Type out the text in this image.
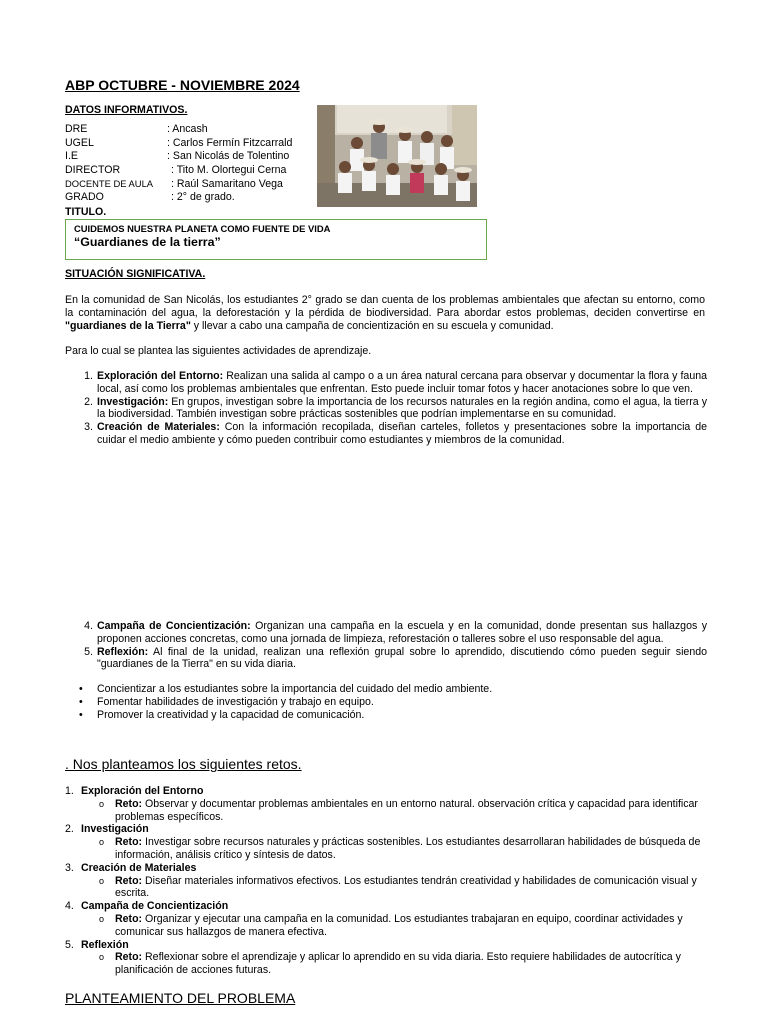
ABP OCTUBRE - NOVIEMBRE 2024
DATOS INFORMATIVOS.
DRE	: Ancash
UGEL	: Carlos Fermín Fitzcarrald
I.E	: San Nicolás de Tolentino
DIRECTOR	: Tito M. Olortegui Cerna
DOCENTE DE AULA : Raúl Samaritano Vega
GRADO	: 2° de grado.
TITULO.
CUIDEMOS NUESTRA PLANETA COMO FUENTE DE VIDA
“Guardianes de la tierra”
SITUACIÓN SIGNIFICATIVA.
En la comunidad de San Nicolás, los estudiantes 2° grado se dan cuenta de los problemas ambientales que afectan su entorno, como la contaminación del agua, la deforestación y la pérdida de biodiversidad. Para abordar estos problemas, deciden convertirse en "guardianes de la Tierra" y llevar a cabo una campaña de concientización en su escuela y comunidad.
Para lo cual se plantea las siguientes actividades de aprendizaje.
1. Exploración del Entorno: Realizan una salida al campo o a un área natural cercana para observar y documentar la flora y fauna local, así como los problemas ambientales que enfrentan. Esto puede incluir tomar fotos y hacer anotaciones sobre lo que ven.
2. Investigación: En grupos, investigan sobre la importancia de los recursos naturales en la región andina, como el agua, la tierra y la biodiversidad. También investigan sobre prácticas sostenibles que podrían implementarse en su comunidad.
3. Creación de Materiales: Con la información recopilada, diseñan carteles, folletos y presentaciones sobre la importancia de cuidar el medio ambiente y cómo pueden contribuir como estudiantes y miembros de la comunidad.
4. Campaña de Concientización: Organizan una campaña en la escuela y en la comunidad, donde presentan sus hallazgos y proponen acciones concretas, como una jornada de limpieza, reforestación o talleres sobre el uso responsable del agua.
5. Reflexión: Al final de la unidad, realizan una reflexión grupal sobre lo aprendido, discutiendo cómo pueden seguir siendo "guardianes de la Tierra" en su vida diaria.
• Concientizar a los estudiantes sobre la importancia del cuidado del medio ambiente.
• Fomentar habilidades de investigación y trabajo en equipo.
• Promover la creatividad y la capacidad de comunicación.
. Nos planteamos los siguientes retos.
1. Exploración del Entorno
o Reto: Observar y documentar problemas ambientales en un entorno natural. observación crítica y capacidad para identificar problemas específicos.
2. Investigación
o Reto: Investigar sobre recursos naturales y prácticas sostenibles. Los estudiantes desarrollaran habilidades de búsqueda de información, análisis crítico y síntesis de datos.
3. Creación de Materiales
o Reto: Diseñar materiales informativos efectivos. Los estudiantes tendrán creatividad y habilidades de comunicación visual y escrita.
4. Campaña de Concientización
o Reto: Organizar y ejecutar una campaña en la comunidad. Los estudiantes trabajaran en equipo, coordinar actividades y comunicar sus hallazgos de manera efectiva.
5. Reflexión
o Reto: Reflexionar sobre el aprendizaje y aplicar lo aprendido en su vida diaria. Esto requiere habilidades de autocrítica y planificación de acciones futuras.
PLANTEAMIENTO DEL PROBLEMA
